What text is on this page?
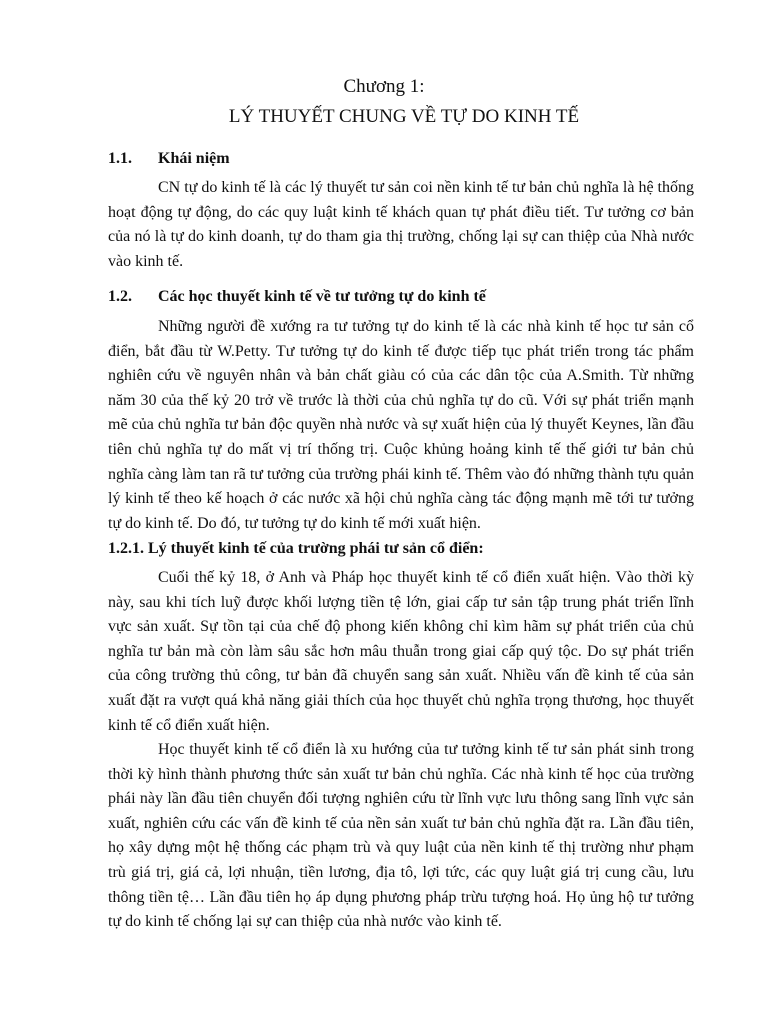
Chương 1:
LÝ THUYẾT CHUNG VỀ TỰ DO KINH TẾ
1.1. Khái niệm

CN tự do kinh tế là các lý thuyết tư sản coi nền kinh tế tư bản chủ nghĩa là hệ thống hoạt động tự động, do các quy luật kinh tế khách quan tự phát điều tiết. Tư tưởng cơ bản của nó là tự do kinh doanh, tự do tham gia thị trường, chống lại sự can thiệp của Nhà nước vào kinh tế.

1.2. Các học thuyết kinh tế về tư tưởng tự do kinh tế

Những người đề xướng ra tư tưởng tự do kinh tế là các nhà kinh tế học tư sản cổ điển, bắt đầu từ W.Petty. Tư tưởng tự do kinh tế được tiếp tục phát triển trong tác phẩm nghiên cứu về nguyên nhân và bản chất giàu có của các dân tộc của A.Smith. Từ những năm 30 của thế kỷ 20 trở về trước là thời của chủ nghĩa tự do cũ. Với sự phát triển mạnh mẽ của chủ nghĩa tư bản độc quyền nhà nước và sự xuất hiện của lý thuyết Keynes, lần đầu tiên chủ nghĩa tự do mất vị trí thống trị. Cuộc khủng hoảng kinh tế thế giới tư bản chủ nghĩa càng làm tan rã tư tưởng của trường phái kinh tế. Thêm vào đó những thành tựu quản lý kinh tế theo kế hoạch ở các nước xã hội chủ nghĩa càng tác động mạnh mẽ tới tư tưởng tự do kinh tế. Do đó, tư tưởng tự do kinh tế mới xuất hiện.

1.2.1. Lý thuyết kinh tế của trường phái tư sản cổ điển:

Cuối thế kỷ 18, ở Anh và Pháp học thuyết kinh tế cổ điển xuất hiện. Vào thời kỳ này, sau khi tích luỹ được khối lượng tiền tệ lớn, giai cấp tư sản tập trung phát triển lĩnh vực sản xuất. Sự tồn tại của chế độ phong kiến không chỉ kìm hãm sự phát triển của chủ nghĩa tư bản mà còn làm sâu sắc hơn mâu thuẫn trong giai cấp quý tộc. Do sự phát triển của công trường thủ công, tư bản đã chuyển sang sản xuất. Nhiều vấn đề kinh tế của sản xuất đặt ra vượt quá khả năng giải thích của học thuyết chủ nghĩa trọng thương, học thuyết kinh tế cổ điển xuất hiện.

Học thuyết kinh tế cổ điển là xu hướng của tư tưởng kinh tế tư sản phát sinh trong thời kỳ hình thành phương thức sản xuất tư bản chủ nghĩa. Các nhà kinh tế học của trường phái này lần đầu tiên chuyển đối tượng nghiên cứu từ lĩnh vực lưu thông sang lĩnh vực sản xuất, nghiên cứu các vấn đề kinh tế của nền sản xuất tư bản chủ nghĩa đặt ra. Lần đầu tiên, họ xây dựng một hệ thống các phạm trù và quy luật của nền kinh tế thị trường như phạm trù giá trị, giá cả, lợi nhuận, tiền lương, địa tô, lợi tức, các quy luật giá trị cung cầu, lưu thông tiền tệ… Lần đầu tiên họ áp dụng phương pháp trừu tượng hoá. Họ ủng hộ tư tưởng tự do kinh tế chống lại sự can thiệp của nhà nước vào kinh tế.
